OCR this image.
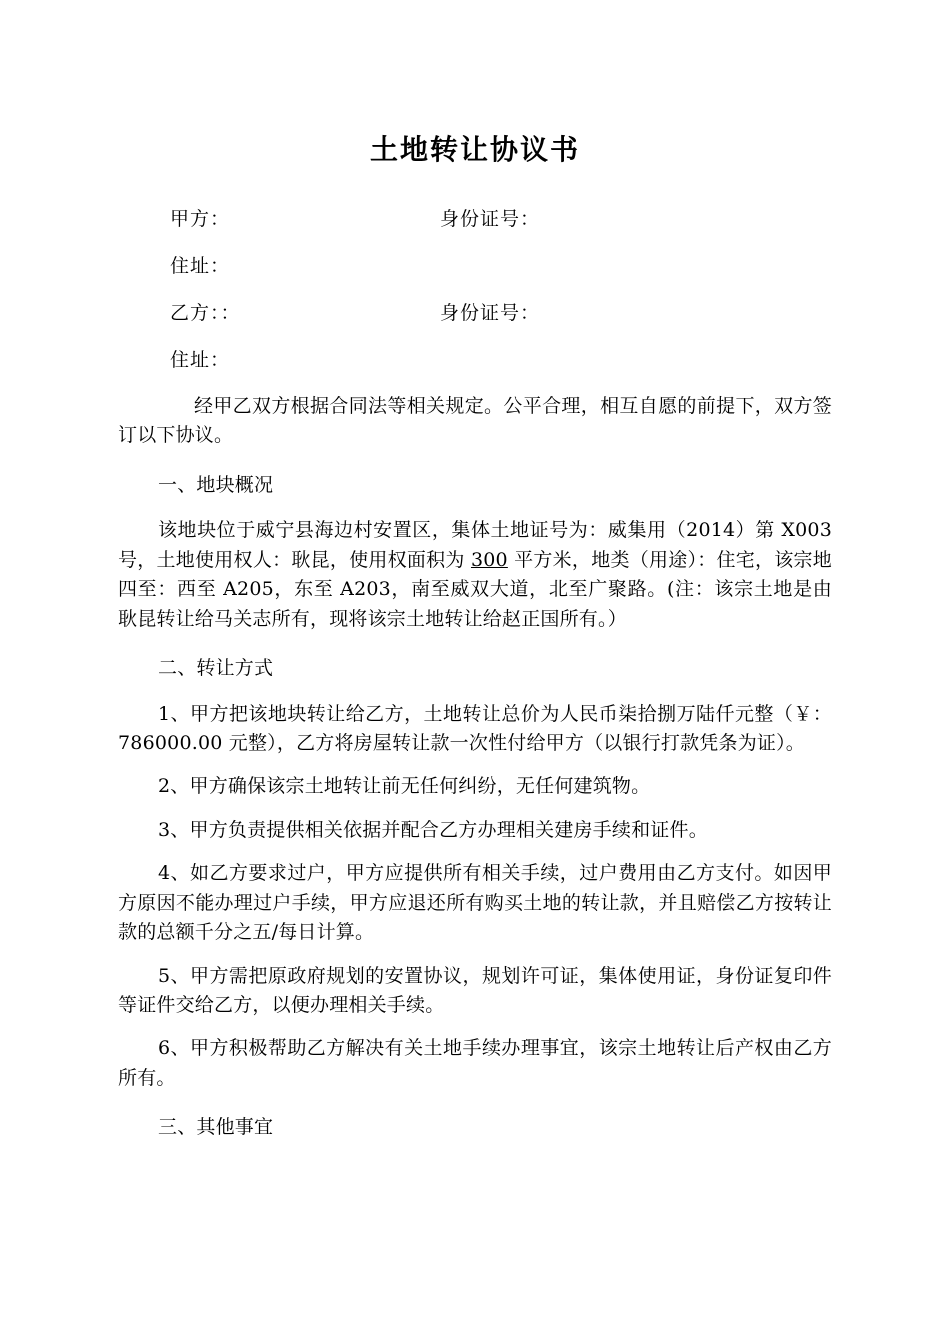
土地转让协议书
甲方：	身份证号：
住址：
乙方：：	身份证号：
住址：

经甲乙双方根据合同法等相关规定。公平合理，相互自愿的前提下，双方签订以下协议。

一、地块概况

该地块位于威宁县海边村安置区，集体土地证号为：威集用（2014）第 X003 号，土地使用权人：耿昆，使用权面积为 300 平方米，地类（用途）：住宅，该宗地四至：西至 A205，东至 A203，南至威双大道，北至广聚路。(注：该宗土地是由耿昆转让给马关志所有，现将该宗土地转让给赵正国所有。）

二、转让方式

1、甲方把该地块转让给乙方，土地转让总价为人民币柒拾捌万陆仟元整（￥：786000.00 元整），乙方将房屋转让款一次性付给甲方（以银行打款凭条为证）。

2、甲方确保该宗土地转让前无任何纠纷，无任何建筑物。

3、甲方负责提供相关依据并配合乙方办理相关建房手续和证件。

4、如乙方要求过户，甲方应提供所有相关手续，过户费用由乙方支付。如因甲方原因不能办理过户手续，甲方应退还所有购买土地的转让款，并且赔偿乙方按转让款的总额千分之五/每日计算。

5、甲方需把原政府规划的安置协议，规划许可证，集体使用证，身份证复印件等证件交给乙方，以便办理相关手续。

6、甲方积极帮助乙方解决有关土地手续办理事宜，该宗土地转让后产权由乙方所有。

三、其他事宜
